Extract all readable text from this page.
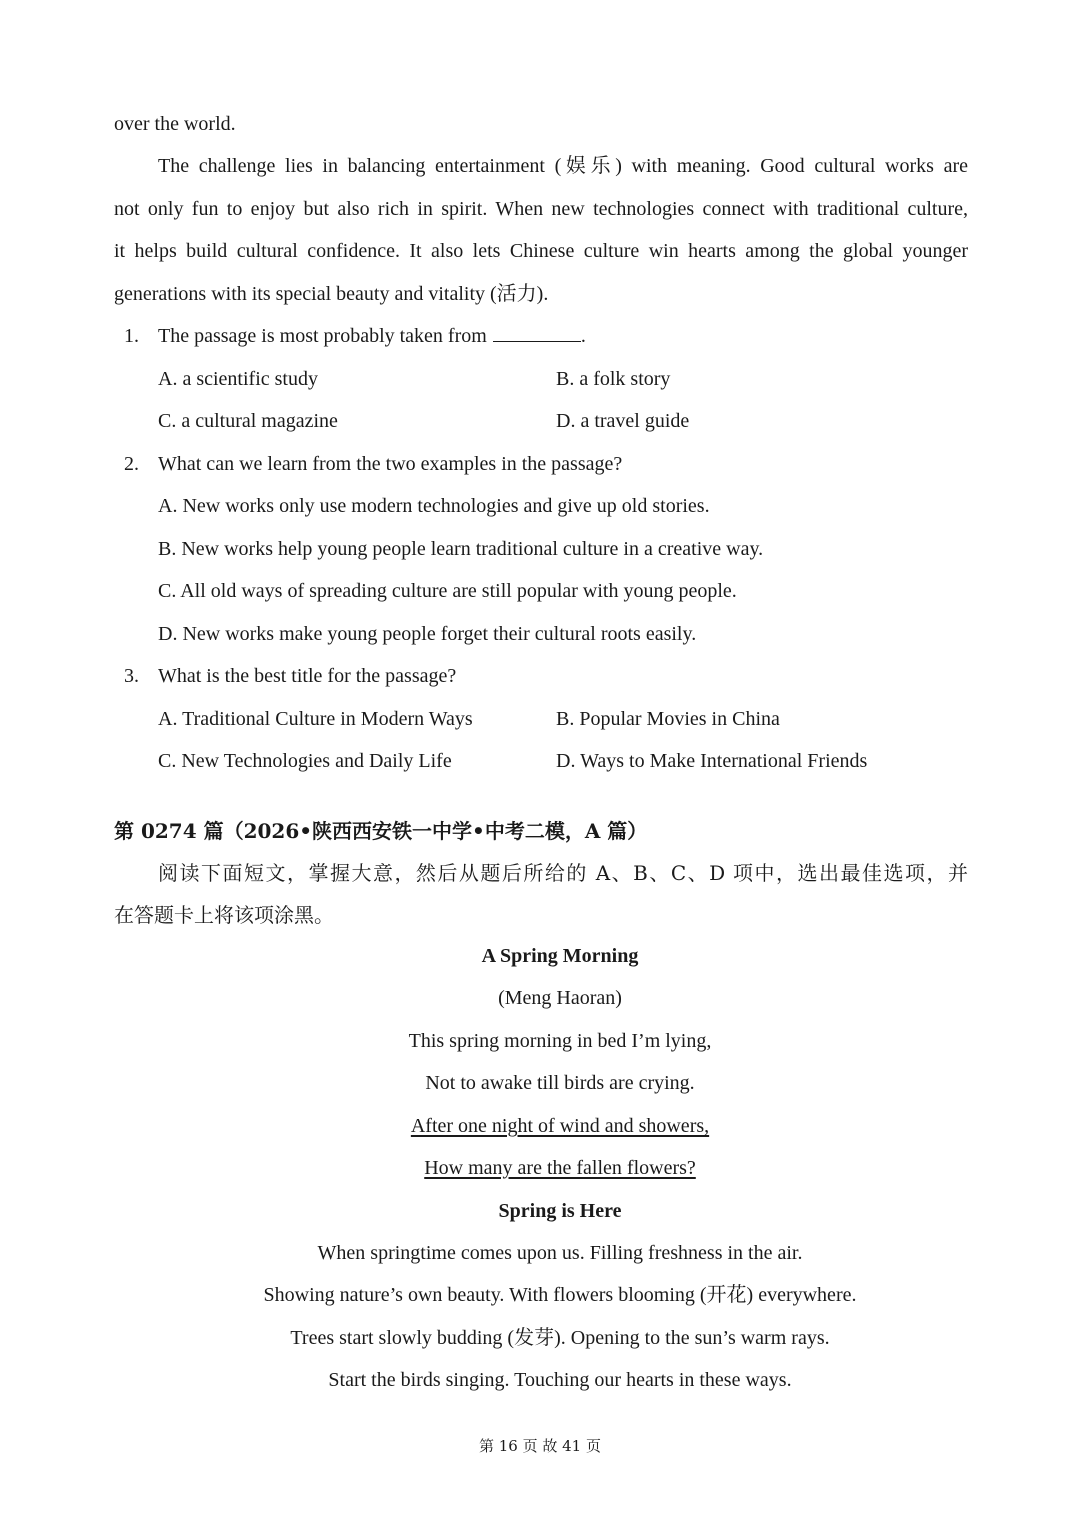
over the world.
The challenge lies in balancing entertainment (娱乐) with meaning. Good cultural works are
not only fun to enjoy but also rich in spirit. When new technologies connect with traditional culture,
it helps build cultural confidence. It also lets Chinese culture win hearts among the global younger
generations with its special beauty and vitality (活力).
1. The passage is most probably taken from	.
A. a scientific study	B. a folk story
C. a cultural magazine	D. a travel guide
2. What can we learn from the two examples in the passage?
A. New works only use modern technologies and give up old stories.
B. New works help young people learn traditional culture in a creative way.
C. All old ways of spreading culture are still popular with young people.
D. New works make young people forget their cultural roots easily.
3. What is the best title for the passage?
A. Traditional Culture in Modern Ways	B. Popular Movies in China
C. New Technologies and Daily Life	D. Ways to Make International Friends
第 0274 篇（2026•陕西西安铁一中学•中考二模，A 篇）
阅读下面短文，掌握大意，然后从题后所给的 A、B、C、D 项中，选出最佳选项，并
在答题卡上将该项涂黑。
A Spring Morning
(Meng Haoran)
This spring morning in bed I’m lying,
Not to awake till birds are crying.
After one night of wind and showers,
How many are the fallen flowers?
Spring is Here
When springtime comes upon us. Filling freshness in the air.
Showing nature’s own beauty. With flowers blooming (开花) everywhere.
Trees start slowly budding (发芽). Opening to the sun’s warm rays.
Start the birds singing. Touching our hearts in these ways.
第 16 页 故 41 页
